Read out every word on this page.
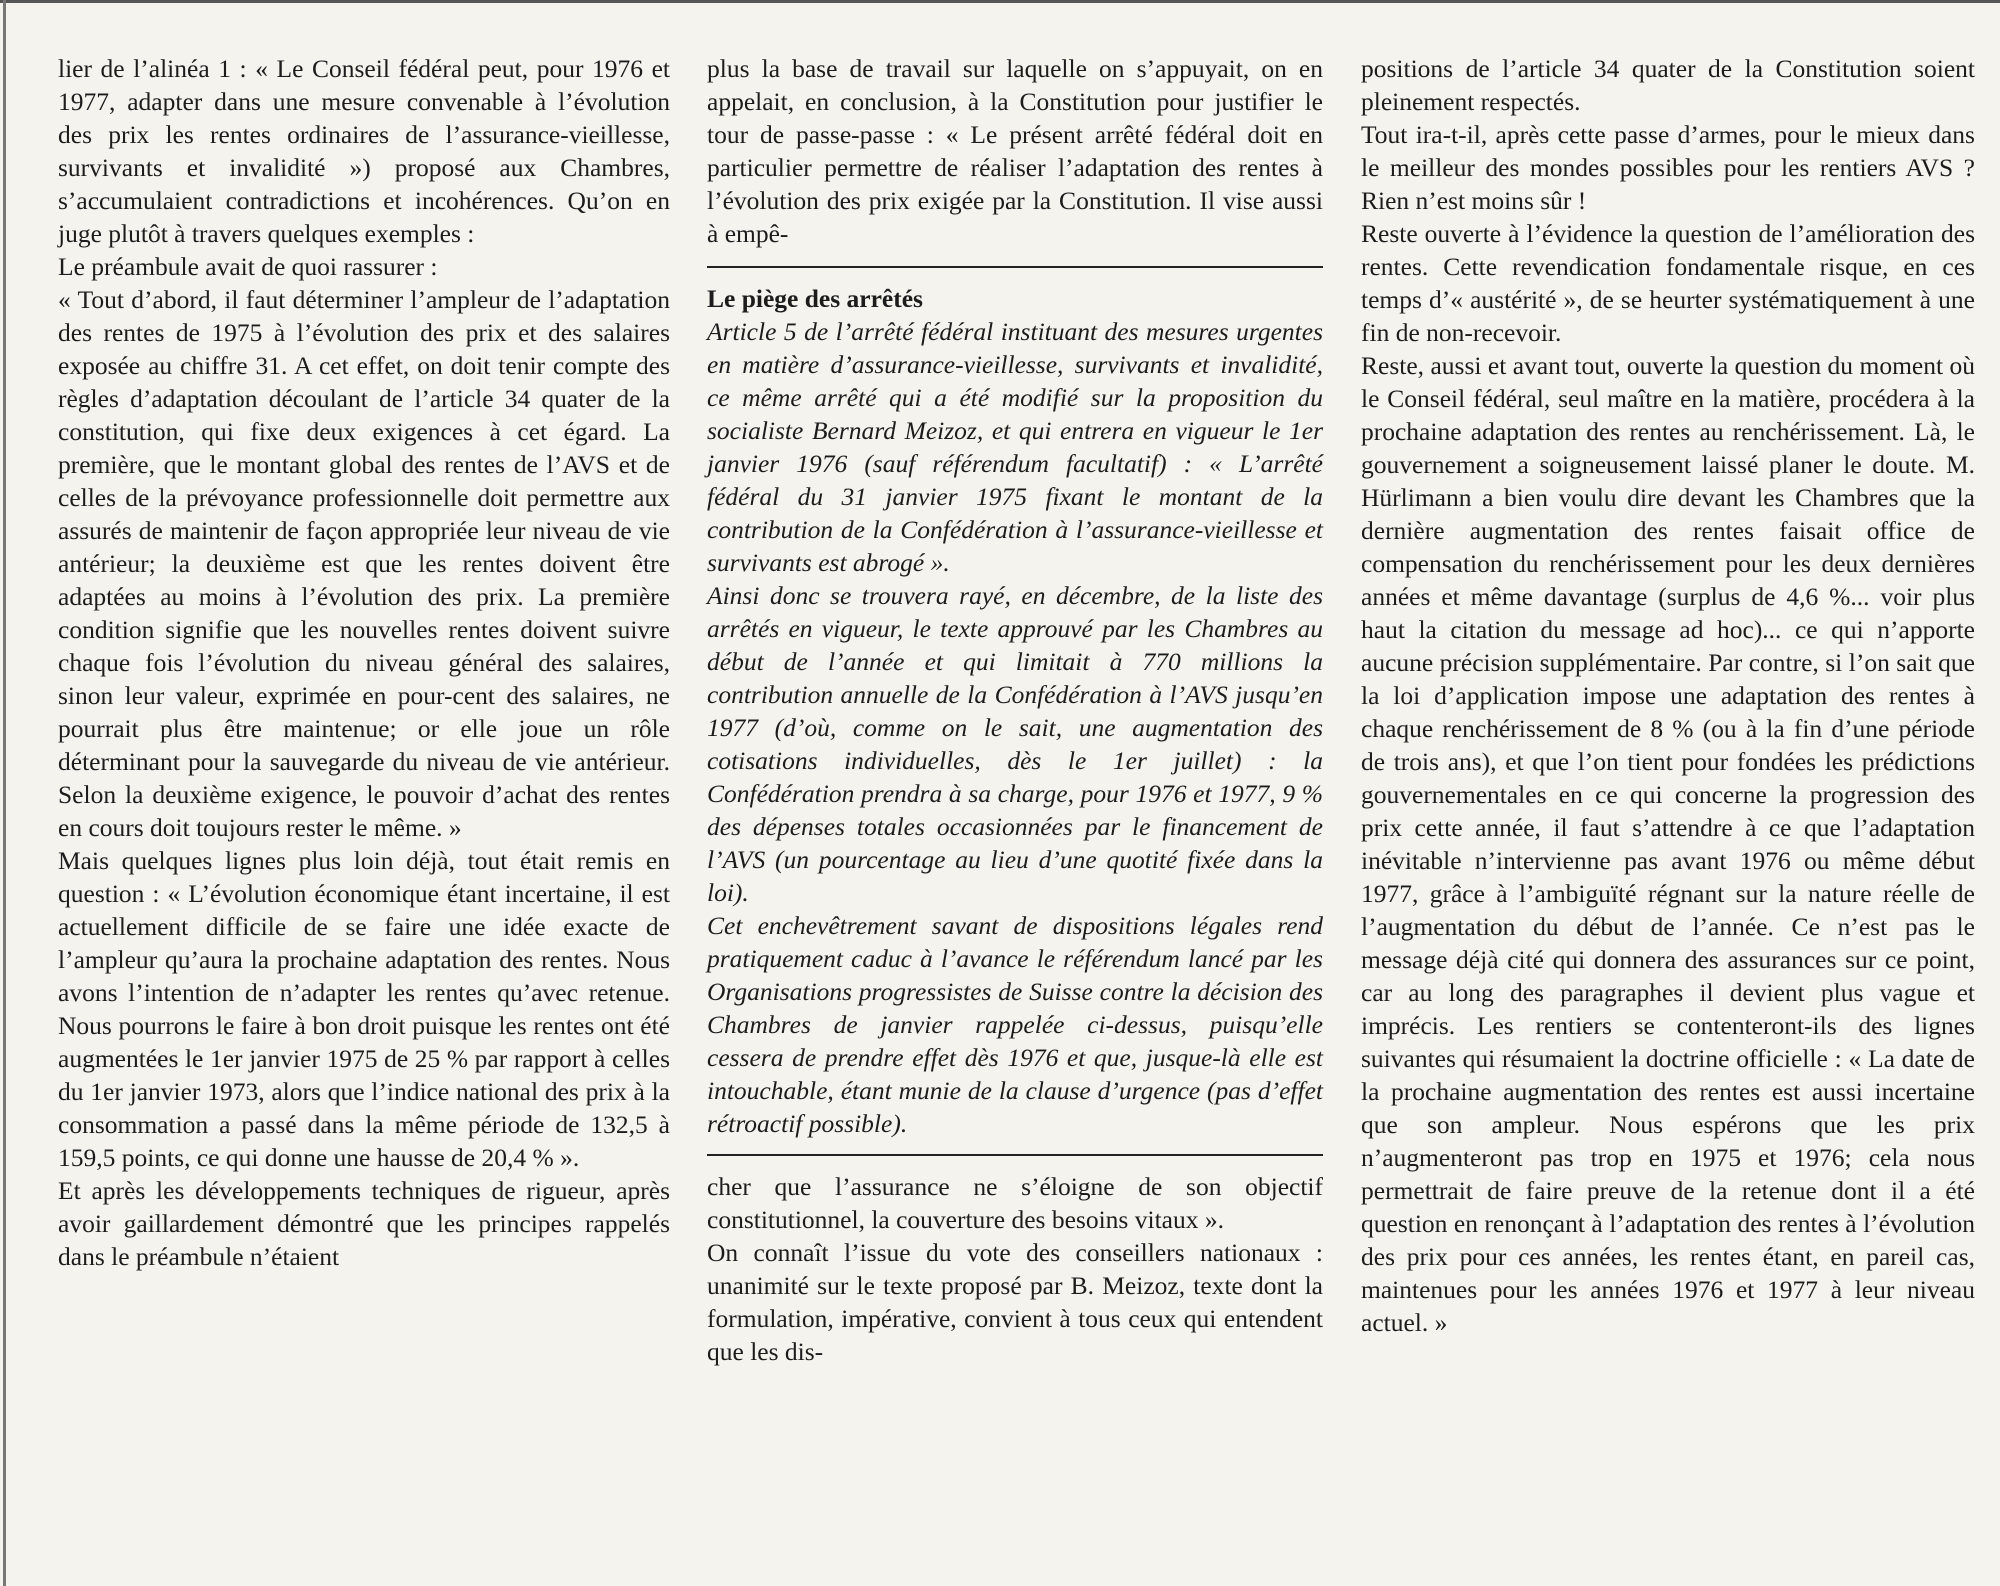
lier de l’alinéa 1 : « Le Conseil fédéral peut, pour 1976 et 1977, adapter dans une mesure convenable à l’évolution des prix les rentes ordinaires de l’assurance-vieillesse, survivants et invalidité ») proposé aux Chambres, s’accumulaient contradictions et incohérences. Qu’on en juge plutôt à travers quelques exemples :

Le préambule avait de quoi rassurer :

« Tout d’abord, il faut déterminer l’ampleur de l’adaptation des rentes de 1975 à l’évolution des prix et des salaires exposée au chiffre 31. A cet effet, on doit tenir compte des règles d’adaptation découlant de l’article 34 quater de la constitution, qui fixe deux exigences à cet égard. La première, que le montant global des rentes de l’AVS et de celles de la prévoyance professionnelle doit permettre aux assurés de maintenir de façon appropriée leur niveau de vie antérieur; la deuxième est que les rentes doivent être adaptées au moins à l’évolution des prix. La première condition signifie que les nouvelles rentes doivent suivre chaque fois l’évolution du niveau général des salaires, sinon leur valeur, exprimée en pour-cent des salaires, ne pourrait plus être maintenue; or elle joue un rôle déterminant pour la sauvegarde du niveau de vie antérieur. Selon la deuxième exigence, le pouvoir d’achat des rentes en cours doit toujours rester le même. »

Mais quelques lignes plus loin déjà, tout était remis en question : « L’évolution économique étant incertaine, il est actuellement difficile de se faire une idée exacte de l’ampleur qu’aura la prochaine adaptation des rentes. Nous avons l’intention de n’adapter les rentes qu’avec retenue. Nous pourrons le faire à bon droit puisque les rentes ont été augmentées le 1er janvier 1975 de 25 % par rapport à celles du 1er janvier 1973, alors que l’indice national des prix à la consommation a passé dans la même période de 132,5 à 159,5 points, ce qui donne une hausse de 20,4 % ».

Et après les développements techniques de rigueur, après avoir gaillardement démontré que les principes rappelés dans le préambule n’étaient

plus la base de travail sur laquelle on s’appuyait, on en appelait, en conclusion, à la Constitution pour justifier le tour de passe-passe : « Le présent arrêté fédéral doit en particulier permettre de réaliser l’adaptation des rentes à l’évolution des prix exigée par la Constitution. Il vise aussi à empê-

Le piège des arrêtés

Article 5 de l’arrêté fédéral instituant des mesures urgentes en matière d’assurance-vieillesse, survivants et invalidité, ce même arrêté qui a été modifié sur la proposition du socialiste Bernard Meizoz, et qui entrera en vigueur le 1er janvier 1976 (sauf référendum facultatif) : « L’arrêté fédéral du 31 janvier 1975 fixant le montant de la contribution de la Confédération à l’assurance-vieillesse et survivants est abrogé ».

Ainsi donc se trouvera rayé, en décembre, de la liste des arrêtés en vigueur, le texte approuvé par les Chambres au début de l’année et qui limitait à 770 millions la contribution annuelle de la Confédération à l’AVS jusqu’en 1977 (d’où, comme on le sait, une augmentation des cotisations individuelles, dès le 1er juillet) : la Confédération prendra à sa charge, pour 1976 et 1977, 9 % des dépenses totales occasionnées par le financement de l’AVS (un pourcentage au lieu d’une quotité fixée dans la loi).

Cet enchevêtrement savant de dispositions légales rend pratiquement caduc à l’avance le référendum lancé par les Organisations progressistes de Suisse contre la décision des Chambres de janvier rappelée ci-dessus, puisqu’elle cessera de prendre effet dès 1976 et que, jusque-là elle est intouchable, étant munie de la clause d’urgence (pas d’effet rétroactif possible).

cher que l’assurance ne s’éloigne de son objectif constitutionnel, la couverture des besoins vitaux ».

On connaît l’issue du vote des conseillers nationaux : unanimité sur le texte proposé par B. Meizoz, texte dont la formulation, impérative, convient à tous ceux qui entendent que les dis-

positions de l’article 34 quater de la Constitution soient pleinement respectés.

Tout ira-t-il, après cette passe d’armes, pour le mieux dans le meilleur des mondes possibles pour les rentiers AVS ? Rien n’est moins sûr !

Reste ouverte à l’évidence la question de l’amélioration des rentes. Cette revendication fondamentale risque, en ces temps d’« austérité », de se heurter systématiquement à une fin de non-recevoir.

Reste, aussi et avant tout, ouverte la question du moment où le Conseil fédéral, seul maître en la matière, procédera à la prochaine adaptation des rentes au renchérissement. Là, le gouvernement a soigneusement laissé planer le doute. M. Hürlimann a bien voulu dire devant les Chambres que la dernière augmentation des rentes faisait office de compensation du renchérissement pour les deux dernières années et même davantage (surplus de 4,6 %... voir plus haut la citation du message ad hoc)... ce qui n’apporte aucune précision supplémentaire. Par contre, si l’on sait que la loi d’application impose une adaptation des rentes à chaque renchérissement de 8 % (ou à la fin d’une période de trois ans), et que l’on tient pour fondées les prédictions gouvernementales en ce qui concerne la progression des prix cette année, il faut s’attendre à ce que l’adaptation inévitable n’intervienne pas avant 1976 ou même début 1977, grâce à l’ambiguïté régnant sur la nature réelle de l’augmentation du début de l’année. Ce n’est pas le message déjà cité qui donnera des assurances sur ce point, car au long des paragraphes il devient plus vague et imprécis. Les rentiers se contenteront-ils des lignes suivantes qui résumaient la doctrine officielle : « La date de la prochaine augmentation des rentes est aussi incertaine que son ampleur. Nous espérons que les prix n’augmenteront pas trop en 1975 et 1976; cela nous permettrait de faire preuve de la retenue dont il a été question en renonçant à l’adaptation des rentes à l’évolution des prix pour ces années, les rentes étant, en pareil cas, maintenues pour les années 1976 et 1977 à leur niveau actuel. »
